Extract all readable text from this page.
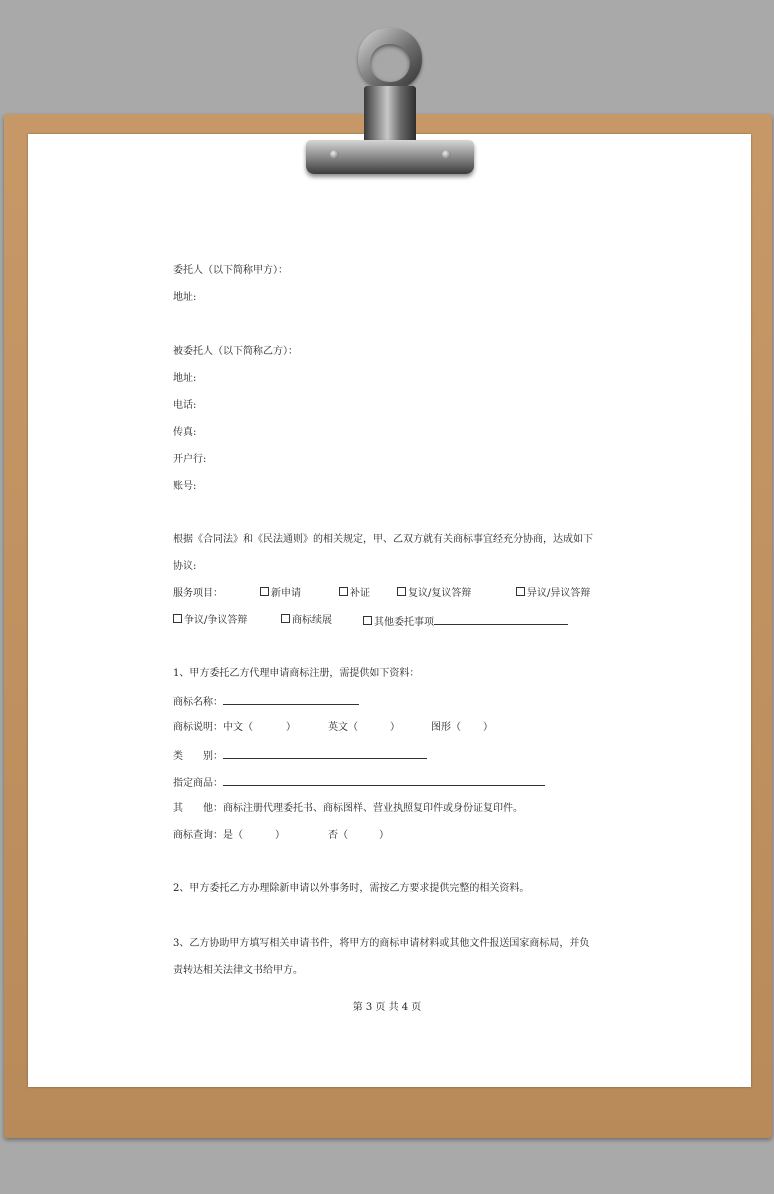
委托人（以下简称甲方）：
地址:
被委托人（以下简称乙方）：
地址:
电话:
传真:
开户行:
账号:
根据《合同法》和《民法通则》的相关规定，甲、乙双方就有关商标事宜经充分协商，达成如下
协议:
服务项目：	新申请	补证	复议/复议答辩	异议/异议答辩
争议/争议答辩	商标续展	其他委托事项
1、甲方委托乙方代理申请商标注册，需提供如下资料：
商标名称：
商标说明：中文（	）	英文（	）	图形（ ）
类　　别：
指定商品：
其　　他：商标注册代理委托书、商标图样、营业执照复印件或身份证复印件。
商标查询：是（	）	否（	）
2、甲方委托乙方办理除新申请以外事务时，需按乙方要求提供完整的相关资料。
3、乙方协助甲方填写相关申请书件，将甲方的商标申请材料或其他文件报送国家商标局，并负
责转达相关法律文书给甲方。
第 3 页 共 4 页
